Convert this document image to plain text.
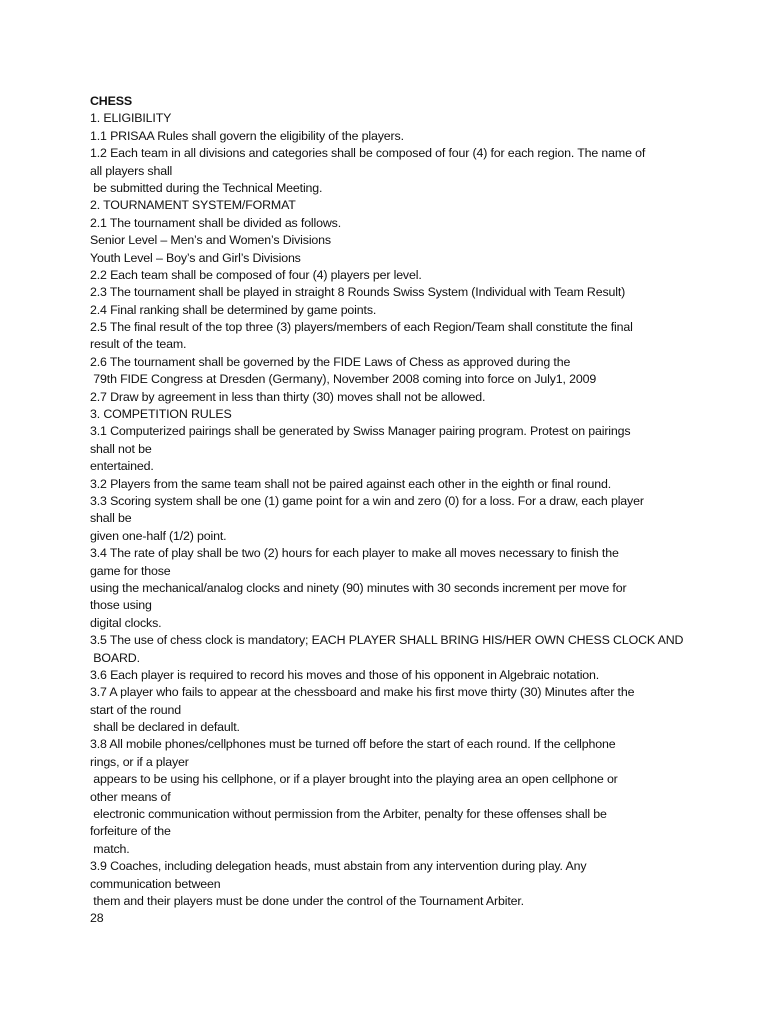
CHESS
1. ELIGIBILITY
1.1 PRISAA Rules shall govern the eligibility of the players.
1.2 Each team in all divisions and categories shall be composed of four (4) for each region. The name of
all players shall
be submitted during the Technical Meeting.
2. TOURNAMENT SYSTEM/FORMAT
2.1 The tournament shall be divided as follows.
Senior Level – Men’s and Women’s Divisions
Youth Level – Boy’s and Girl’s Divisions
2.2 Each team shall be composed of four (4) players per level.
2.3 The tournament shall be played in straight 8 Rounds Swiss System (Individual with Team Result)
2.4 Final ranking shall be determined by game points.
2.5 The final result of the top three (3) players/members of each Region/Team shall constitute the final
result of the team.
2.6 The tournament shall be governed by the FIDE Laws of Chess as approved during the
79th FIDE Congress at Dresden (Germany), November 2008 coming into force on July1, 2009
2.7 Draw by agreement in less than thirty (30) moves shall not be allowed.
3. COMPETITION RULES
3.1 Computerized pairings shall be generated by Swiss Manager pairing program. Protest on pairings
shall not be
entertained.
3.2 Players from the same team shall not be paired against each other in the eighth or final round.
3.3 Scoring system shall be one (1) game point for a win and zero (0) for a loss. For a draw, each player
shall be
given one-half (1/2) point.
3.4 The rate of play shall be two (2) hours for each player to make all moves necessary to finish the
game for those
using the mechanical/analog clocks and ninety (90) minutes with 30 seconds increment per move for
those using
digital clocks.
3.5 The use of chess clock is mandatory; EACH PLAYER SHALL BRING HIS/HER OWN CHESS CLOCK AND
BOARD.
3.6 Each player is required to record his moves and those of his opponent in Algebraic notation.
3.7 A player who fails to appear at the chessboard and make his first move thirty (30) Minutes after the
start of the round
shall be declared in default.
3.8 All mobile phones/cellphones must be turned off before the start of each round. If the cellphone
rings, or if a player
appears to be using his cellphone, or if a player brought into the playing area an open cellphone or
other means of
electronic communication without permission from the Arbiter, penalty for these offenses shall be
forfeiture of the
match.
3.9 Coaches, including delegation heads, must abstain from any intervention during play. Any
communication between
them and their players must be done under the control of the Tournament Arbiter.
28
